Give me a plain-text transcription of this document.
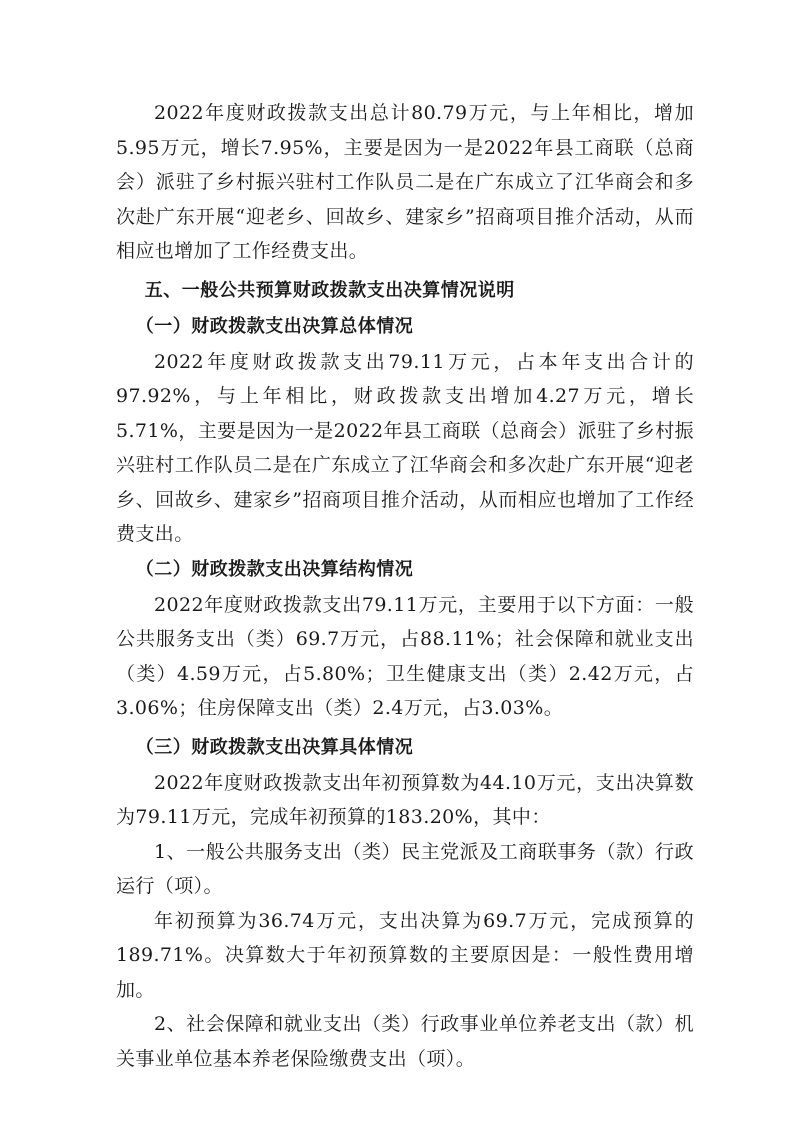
2022年度财政拨款支出总计80.79万元，与上年相比，增加5.95万元，增长7.95%，主要是因为一是2022年县工商联（总商会）派驻了乡村振兴驻村工作队员二是在广东成立了江华商会和多次赴广东开展“迎老乡、回故乡、建家乡”招商项目推介活动，从而相应也增加了工作经费支出。

五、一般公共预算财政拨款支出决算情况说明

（一）财政拨款支出决算总体情况

2022年度财政拨款支出79.11万元，占本年支出合计的97.92%，与上年相比，财政拨款支出增加4.27万元，增长5.71%，主要是因为一是2022年县工商联（总商会）派驻了乡村振兴驻村工作队员二是在广东成立了江华商会和多次赴广东开展“迎老乡、回故乡、建家乡”招商项目推介活动，从而相应也增加了工作经费支出。

（二）财政拨款支出决算结构情况

2022年度财政拨款支出79.11万元，主要用于以下方面：一般公共服务支出（类）69.7万元，占88.11%；社会保障和就业支出（类）4.59万元，占5.80%；卫生健康支出（类）2.42万元，占3.06%；住房保障支出（类）2.4万元，占3.03%。

（三）财政拨款支出决算具体情况

2022年度财政拨款支出年初预算数为44.10万元，支出决算数为79.11万元，完成年初预算的183.20%，其中：

1、一般公共服务支出（类）民主党派及工商联事务（款）行政运行（项）。

年初预算为36.74万元，支出决算为69.7万元，完成预算的189.71%。决算数大于年初预算数的主要原因是：一般性费用增加。

2、社会保障和就业支出（类）行政事业单位养老支出（款）机关事业单位基本养老保险缴费支出（项）。
